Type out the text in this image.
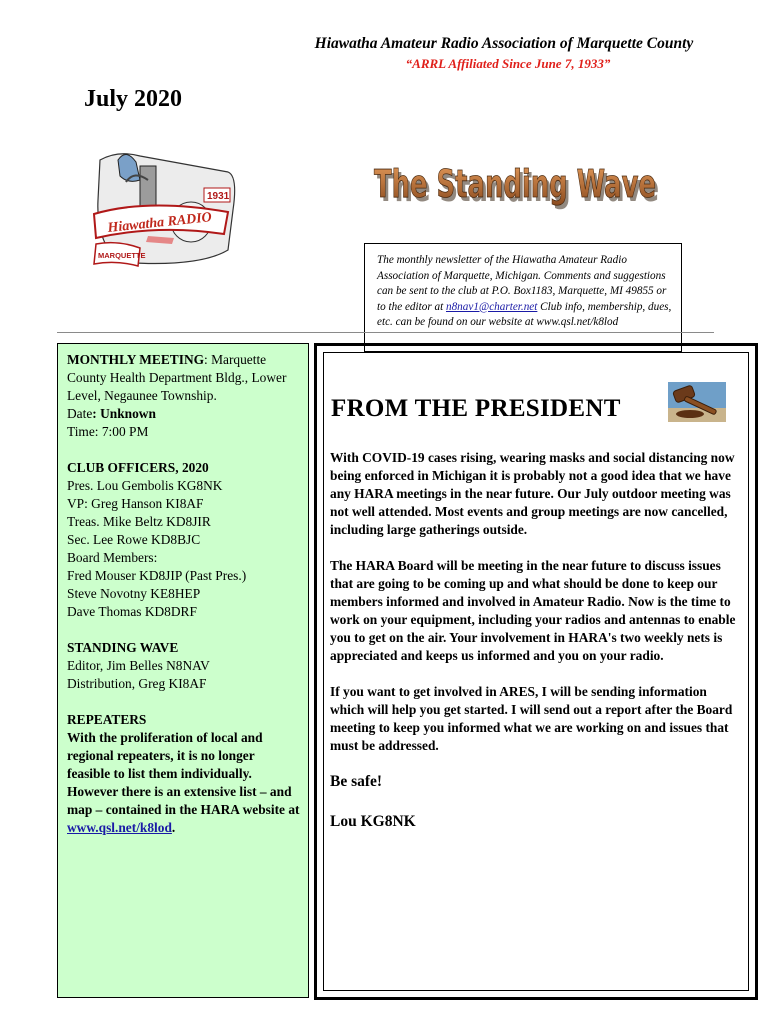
Hiawatha Amateur Radio Association of Marquette County
“ARRL Affiliated Since June 7, 1933”
July 2020
Hiawatha RADIO
1931
MARQUETTE
The Standing Wave
The Standing Wave
The monthly newsletter of the Hiawatha Amateur Radio Association of Marquette, Michigan. Comments and suggestions can be sent to the club at P.O. Box1183, Marquette, MI 49855 or to the editor at n8nav1@charter.net Club info, membership, dues, etc. can be found on our website at www.qsl.net/k8lod

MONTHLY MEETING: Marquette County Health Department Bldg., Lower Level, Negaunee Township.

Date: Unknown

Time: 7:00 PM

CLUB OFFICERS, 2020

Pres. Lou Gembolis KG8NK

VP: Greg Hanson KI8AF

Treas. Mike Beltz KD8JIR

Sec. Lee Rowe KD8BJC

Board Members:

Fred Mouser KD8JIP (Past Pres.)

Steve Novotny KE8HEP

Dave Thomas KD8DRF

STANDING WAVE

Editor, Jim Belles N8NAV

Distribution, Greg KI8AF

REPEATERS

With the proliferation of local and regional repeaters, it is no longer feasible to list them individually. However there is an extensive list – and map – contained in the HARA website at www.qsl.net/k8lod.

FROM THE PRESIDENT

With COVID-19 cases rising, wearing masks and social distancing now being enforced in Michigan it is probably not a good idea that we have any HARA meetings in the near future. Our July outdoor meeting was not well attended. Most events and group meetings are now cancelled, including large gatherings outside.

The HARA Board will be meeting in the near future to discuss issues that are going to be coming up and what should be done to keep our members informed and involved in Amateur Radio. Now is the time to work on your equipment, including your radios and antennas to enable you to get on the air. Your involvement in HARA's two weekly nets is appreciated and keeps us informed and you on your radio.

If you want to get involved in ARES, I will be sending information which will help you get started. I will send out a report after the Board meeting to keep you informed what we are working on and issues that must be addressed.

Be safe!

Lou KG8NK
